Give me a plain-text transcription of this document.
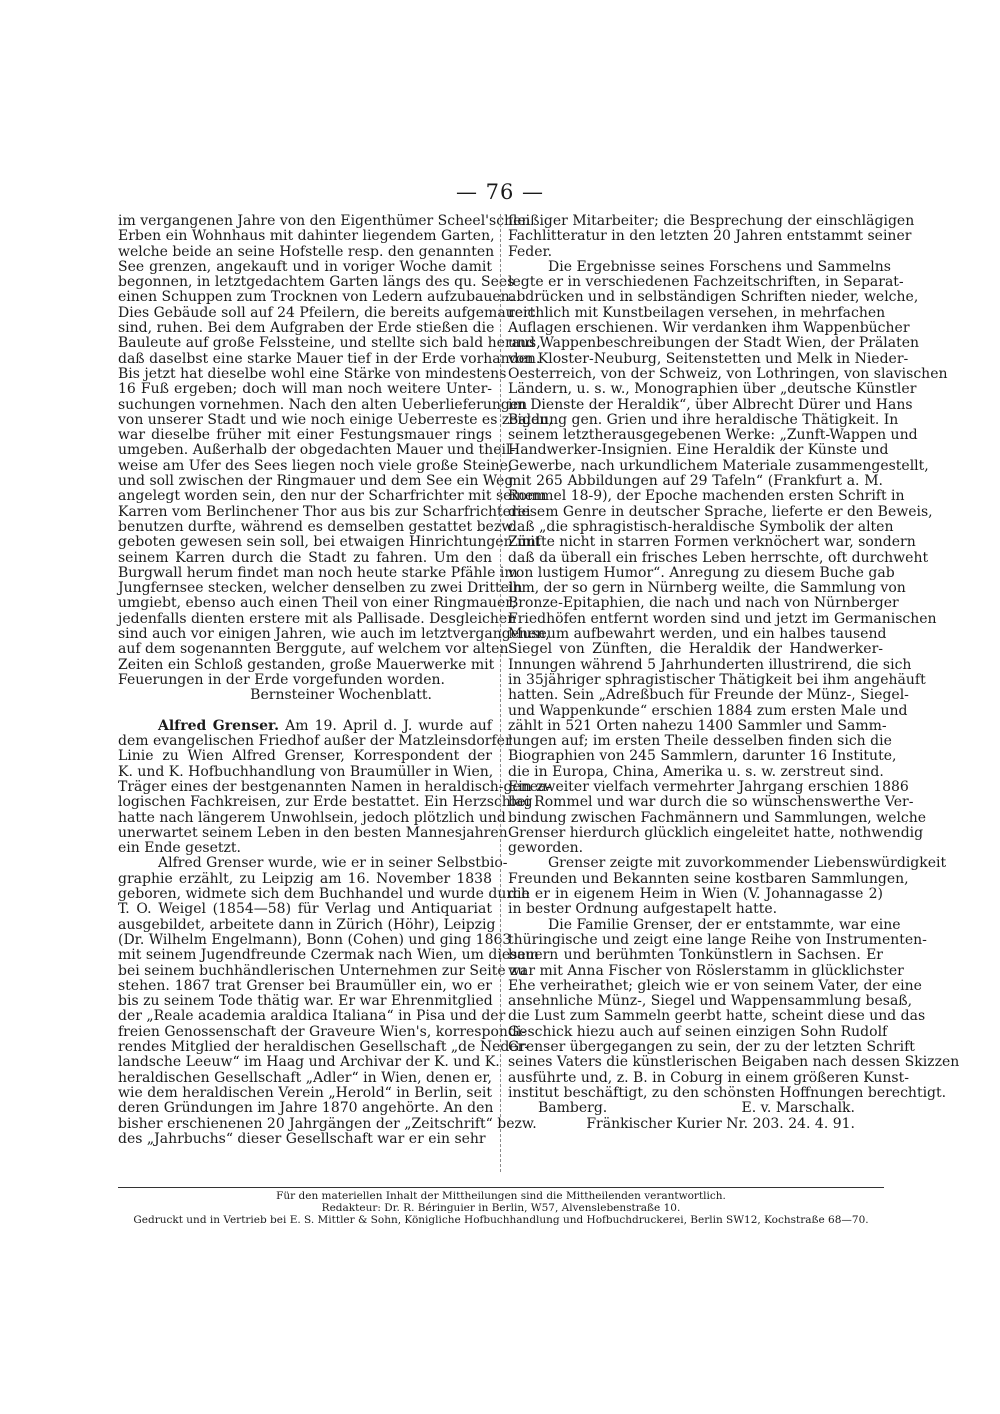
— 76 —
im vergangenen Jahre von den Eigenthümer Scheel'schen
Erben ein Wohnhaus mit dahinter liegendem Garten,
welche beide an seine Hofstelle resp. den genannten
See grenzen, angekauft und in voriger Woche damit
begonnen, in letztgedachtem Garten längs des qu. Sees
einen Schuppen zum Trocknen von Ledern aufzubauen.
Dies Gebäude soll auf 24 Pfeilern, die bereits aufgemauert
sind, ruhen. Bei dem Aufgraben der Erde stießen die
Bauleute auf große Felssteine, und stellte sich bald heraus,
daß daselbst eine starke Mauer tief in der Erde vorhanden.
Bis jetzt hat dieselbe wohl eine Stärke von mindestens
16 Fuß ergeben; doch will man noch weitere Unter-
suchungen vornehmen. Nach den alten Ueberlieferungen
von unserer Stadt und wie noch einige Ueberreste es zeigen,
war dieselbe früher mit einer Festungsmauer rings
umgeben. Außerhalb der obgedachten Mauer und theil-
weise am Ufer des Sees liegen noch viele große Steine,
und soll zwischen der Ringmauer und dem See ein Weg
angelegt worden sein, den nur der Scharfrichter mit seinem
Karren vom Berlinchener Thor aus bis zur Scharfrichterei
benutzen durfte, während es demselben gestattet bezw.
geboten gewesen sein soll, bei etwaigen Hinrichtungen mit
seinem Karren durch die Stadt zu fahren. Um den
Burgwall herum findet man noch heute starke Pfähle im
Jungfernsee stecken, welcher denselben zu zwei Dritteln
umgiebt, ebenso auch einen Theil von einer Ringmauer;
jedenfalls dienten erstere mit als Pallisade. Desgleichen
sind auch vor einigen Jahren, wie auch im letztvergangenen,
auf dem sogenannten Berggute, auf welchem vor alten
Zeiten ein Schloß gestanden, große Mauerwerke mit
Feuerungen in der Erde vorgefunden worden.
Bernsteiner Wochenblatt.
Alfred Grenser. Am 19. April d. J. wurde auf
dem evangelischen Friedhof außer der Matzleinsdorfer
Linie zu Wien Alfred Grenser, Korrespondent der
K. und K. Hofbuchhandlung von Braumüller in Wien,
Träger eines der bestgenannten Namen in heraldisch-genea-
logischen Fachkreisen, zur Erde bestattet. Ein Herzschlag
hatte nach längerem Unwohlsein, jedoch plötzlich und
unerwartet seinem Leben in den besten Mannesjahren
ein Ende gesetzt.
Alfred Grenser wurde, wie er in seiner Selbstbio-
graphie erzählt, zu Leipzig am 16. November 1838
geboren, widmete sich dem Buchhandel und wurde durch
T. O. Weigel (1854—58) für Verlag und Antiquariat
ausgebildet, arbeitete dann in Zürich (Höhr), Leipzig
(Dr. Wilhelm Engelmann), Bonn (Cohen) und ging 1863
mit seinem Jugendfreunde Czermak nach Wien, um diesem
bei seinem buchhändlerischen Unternehmen zur Seite zu
stehen. 1867 trat Grenser bei Braumüller ein, wo er
bis zu seinem Tode thätig war. Er war Ehrenmitglied
der „Reale academia araldica Italiana“ in Pisa und der
freien Genossenschaft der Graveure Wien's, korrespondi-
rendes Mitglied der heraldischen Gesellschaft „de Neder-
landsche Leeuw“ im Haag und Archivar der K. und K.
heraldischen Gesellschaft „Adler“ in Wien, denen er,
wie dem heraldischen Verein „Herold“ in Berlin, seit
deren Gründungen im Jahre 1870 angehörte. An den
bisher erschienenen 20 Jahrgängen der „Zeitschrift“ bezw.
des „Jahrbuchs“ dieser Gesellschaft war er ein sehr
fleißiger Mitarbeiter; die Besprechung der einschlägigen
Fachlitteratur in den letzten 20 Jahren entstammt seiner
Feder.
Die Ergebnisse seines Forschens und Sammelns
legte er in verschiedenen Fachzeitschriften, in Separat-
abdrücken und in selbständigen Schriften nieder, welche,
reichlich mit Kunstbeilagen versehen, in mehrfachen
Auflagen erschienen. Wir verdanken ihm Wappenbücher
und Wappenbeschreibungen der Stadt Wien, der Prälaten
von Kloster-Neuburg, Seitenstetten und Melk in Nieder-
Oesterreich, von der Schweiz, von Lothringen, von slavischen
Ländern, u. s. w., Monographien über „deutsche Künstler
im Dienste der Heraldik“, über Albrecht Dürer und Hans
Baldung gen. Grien und ihre heraldische Thätigkeit. In
seinem letztherausgegebenen Werke: „Zunft-Wappen und
Handwerker-Insignien. Eine Heraldik der Künste und
Gewerbe, nach urkundlichem Materiale zusammengestellt,
mit 265 Abbildungen auf 29 Tafeln“ (Frankfurt a. M.
Rommel 18-9), der Epoche machenden ersten Schrift in
diesem Genre in deutscher Sprache, lieferte er den Beweis,
daß „die sphragistisch-heraldische Symbolik der alten
Zünfte nicht in starren Formen verknöchert war, sondern
daß da überall ein frisches Leben herrschte, oft durchweht
von lustigem Humor“. Anregung zu diesem Buche gab
ihm, der so gern in Nürnberg weilte, die Sammlung von
Bronze-Epitaphien, die nach und nach von Nürnberger
Friedhöfen entfernt worden sind und jetzt im Germanischen
Museum aufbewahrt werden, und ein halbes tausend
Siegel von Zünften, die Heraldik der Handwerker-
Innungen während 5 Jahrhunderten illustrirend, die sich
in 35jähriger sphragistischer Thätigkeit bei ihm angehäuft
hatten. Sein „Adreßbuch für Freunde der Münz-, Siegel-
und Wappenkunde“ erschien 1884 zum ersten Male und
zählt in 521 Orten nahezu 1400 Sammler und Samm-
lungen auf; im ersten Theile desselben finden sich die
Biographien von 245 Sammlern, darunter 16 Institute,
die in Europa, China, Amerika u. s. w. zerstreut sind.
Ein zweiter vielfach vermehrter Jahrgang erschien 1886
bei Rommel und war durch die so wünschenswerthe Ver-
bindung zwischen Fachmännern und Sammlungen, welche
Grenser hierdurch glücklich eingeleitet hatte, nothwendig
geworden.
Grenser zeigte mit zuvorkommender Liebenswürdigkeit
Freunden und Bekannten seine kostbaren Sammlungen,
die er in eigenem Heim in Wien (V. Johannagasse 2)
in bester Ordnung aufgestapelt hatte.
Die Familie Grenser, der er entstammte, war eine
thüringische und zeigt eine lange Reihe von Instrumenten-
bauern und berühmten Tonkünstlern in Sachsen. Er
war mit Anna Fischer von Röslerstamm in glücklichster
Ehe verheirathet; gleich wie er von seinem Vater, der eine
ansehnliche Münz-, Siegel und Wappensammlung besaß,
die Lust zum Sammeln geerbt hatte, scheint diese und das
Geschick hiezu auch auf seinen einzigen Sohn Rudolf
Grenser übergegangen zu sein, der zu der letzten Schrift
seines Vaters die künstlerischen Beigaben nach dessen Skizzen
ausführte und, z. B. in Coburg in einem größeren Kunst-
institut beschäftigt, zu den schönsten Hoffnungen berechtigt.
Bamberg.	E. v. Marschalk.
Fränkischer Kurier Nr. 203. 24. 4. 91.
Für den materiellen Inhalt der Mittheilungen sind die Mittheilenden verantwortlich.
Redakteur: Dr. R. Béringuier in Berlin, W57, Alvenslebenstraße 10.
Gedruckt und in Vertrieb bei E. S. Mittler & Sohn, Königliche Hofbuchhandlung und Hofbuchdruckerei, Berlin SW12, Kochstraße 68—70.
